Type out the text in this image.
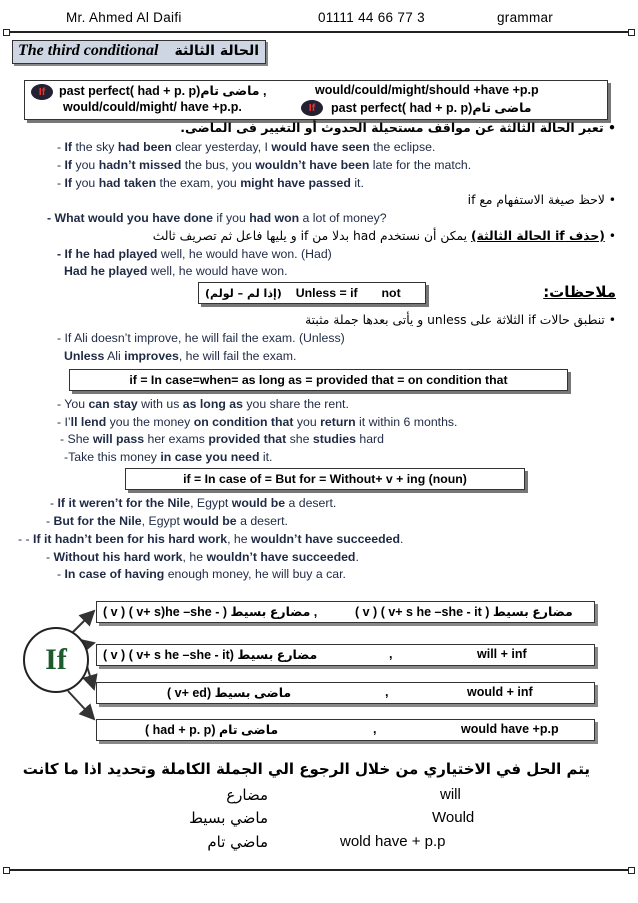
Mr. Ahmed Al Daifi	01111 44 66 77 3	grammar
The third conditional الحالة الثالثة
If	past perfect( had + p. p)ماضى تام ,	would/could/might/should +have +p.p
would/could/might/ have +p.p.	If	past perfect( had + p. p)ماضى تام
• تعبر الحالة الثالثة عن مواقف مستحيلة الحدوث أو التغيير فى الماضى.
- If the sky had been clear yesterday, I would have seen the eclipse.
- If you hadn’t missed the bus, you wouldn’t have been late for the match.
- If you had taken the exam, you might have passed it.
• لاحظ صيغة الاستفهام مع if
- What would you have done if you had won a lot of money?
• (حذف if الحالة الثالثة) يمكن أن نستخدم had بدلا من if و يليها فاعل ثم تصريف ثالث
- If he had played well, he would have won. (Had)
Had he played well, he would have won.
ملاحظات:
(إذا لم – لولم) Unless = if       not
• تنطبق حالات if الثلاثة على unless و يأتى بعدها جملة مثبتة
- If Ali doesn’t improve, he will fail the exam. (Unless)
Unless Ali improves, he will fail the exam.
if = In case=when= as long as = provided that = on condition that
- You can stay with us as long as you share the rent.
- I’ll lend you the money on condition that you return it within 6 months.
- She will pass her exams provided that she studies hard
-Take this money in case you need it.
if = In case of = But for = Without+ v + ing (noun)
- If it weren’t for the Nile, Egypt would be a desert.
- But for the Nile, Egypt would be a desert.
- - If it hadn’t been for his hard work, he wouldn’t have succeeded.
- Without his hard work, he wouldn’t have succeeded.
- In case of having enough money, he will buy a car.
If
( v ) ( v+ s)he –she - ) مضارع بسيط ,	( v ) ( v+ s he –she - it ) مضارع بسيط
( v ) ( v+ s he –she - it) مضارع بسيط	,	will + inf
( v+ ed) ماضى بسيط	,	would + inf
( had + p. p) ماضى تام	,	would have +p.p
يتم الحل في الاختياري من خلال الرجوع الي الجملة الكاملة وتحديد اذا ما كانت
مضارع	will
ماضي بسيط	Would
ماضي تام	wold have + p.p
